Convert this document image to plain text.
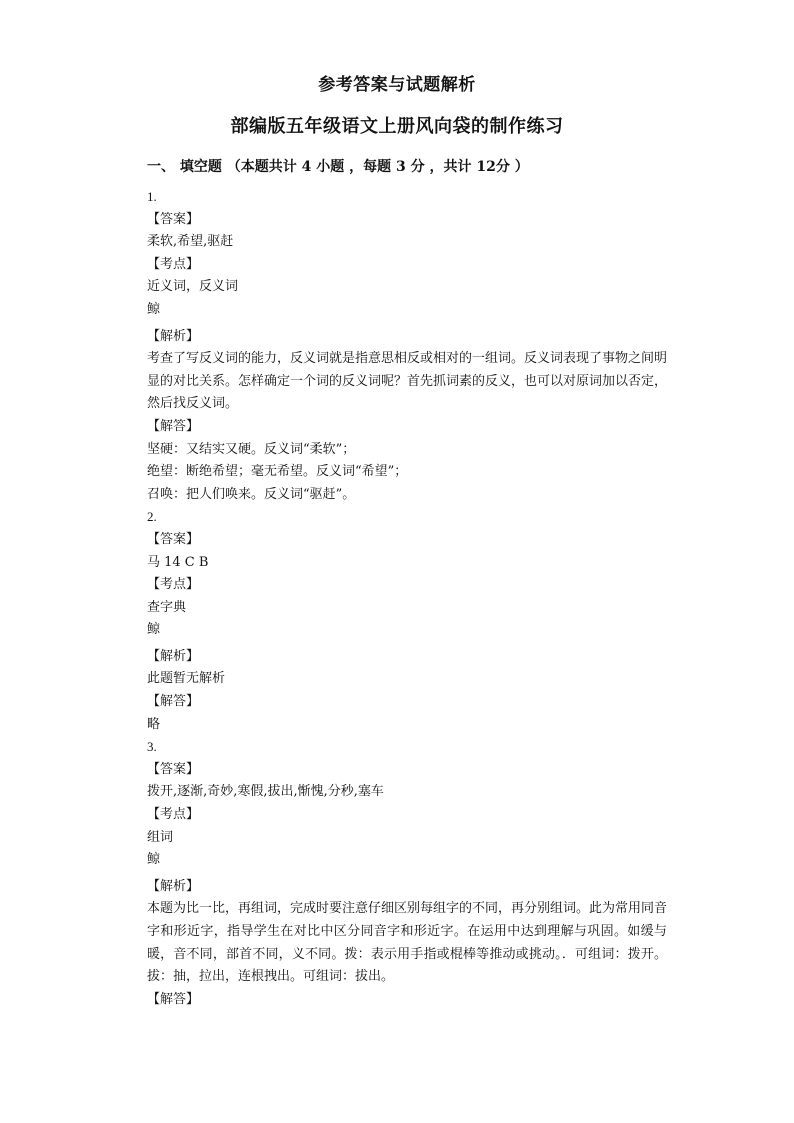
参考答案与试题解析
部编版五年级语文上册风向袋的制作练习
一、 填空题 （本题共计 4 小题 ，每题 3 分 ，共计 12分 ）
1.
【答案】
柔软,希望,驱赶
【考点】
近义词，反义词
鲸
【解析】
考查了写反义词的能力，反义词就是指意思相反或相对的一组词。反义词表现了事物之间明显的对比关系。怎样确定一个词的反义词呢？首先抓词素的反义，也可以对原词加以否定，然后找反义词。
【解答】
坚硬：又结实又硬。反义词“柔软”；
绝望：断绝希望；毫无希望。反义词“希望”；
召唤：把人们唤来。反义词“驱赶”。
2.
【答案】
马 14 C B
【考点】
查字典
鲸
【解析】
此题暂无解析
【解答】
略
3.
【答案】
拨开,逐渐,奇妙,寒假,拔出,惭愧,分秒,塞车
【考点】
组词
鲸
【解析】
本题为比一比，再组词，完成时要注意仔细区别每组字的不同，再分别组词。此为常用同音字和形近字，指导学生在对比中区分同音字和形近字。在运用中达到理解与巩固。如缓与暖，音不同，部首不同，义不同。拨：表示用手指或棍棒等推动或挑动。．可组词：拨开。拔：抽，拉出，连根拽出。可组词：拔出。
【解答】
